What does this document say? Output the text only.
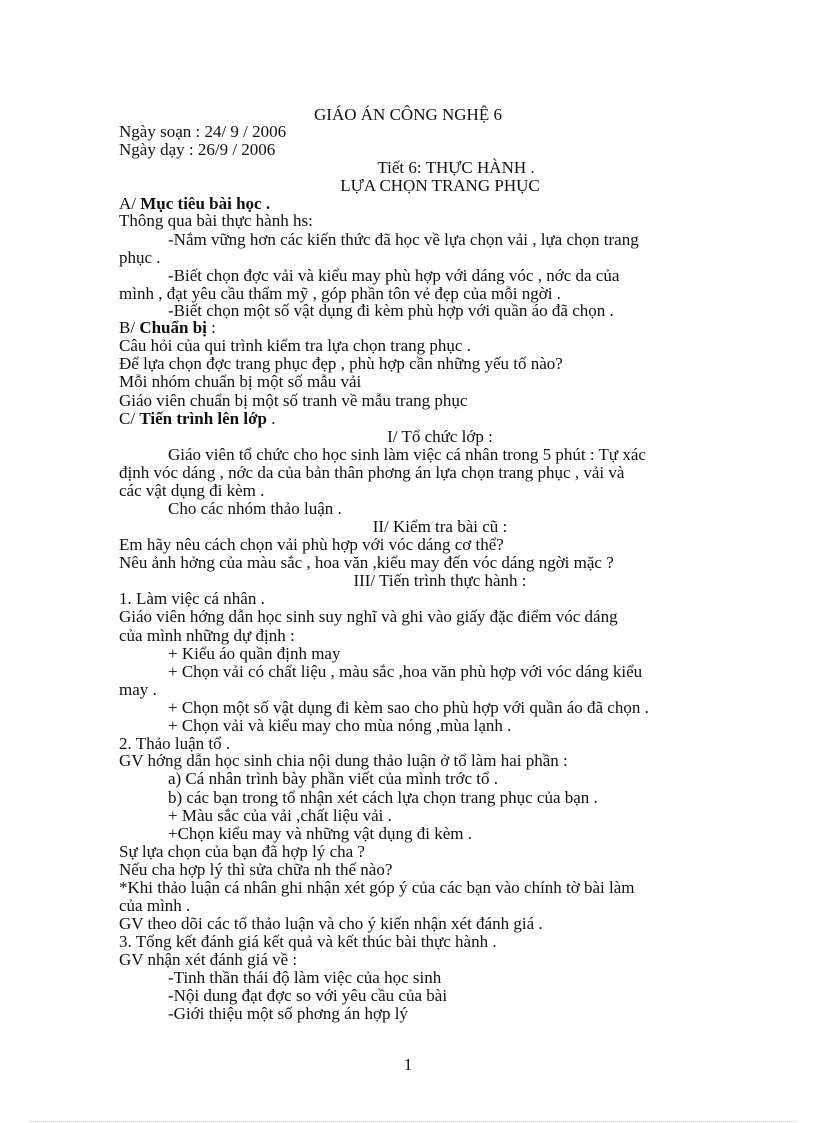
GIÁO ÁN CÔNG NGHỆ 6
Ngày soạn : 24/ 9 / 2006
Ngày dạy : 26/9 / 2006
Tiết 6: THỰC HÀNH .
LỰA CHỌN TRANG PHỤC
A/ Mục tiêu bài học .
Thông qua bài thực hành hs:
-Nắm vững hơn các kiến thức đã học về lựa chọn vải , lựa chọn trang
phục .
-Biết chọn đợc vải và kiểu may phù hợp với dáng vóc , nớc da của
mình , đạt yêu cầu thẩm mỹ , góp phần tôn vẻ đẹp của mỗi ngời .
-Biết chọn một số vật dụng đi kèm phù hợp với quần áo đã chọn .
B/ Chuẩn bị :
Câu hỏi của qui trình kiểm tra lựa chọn trang phục .
Để lựa chọn đợc trang phục đẹp , phù hợp cần những yếu tố nào?
Mỗi nhóm chuẩn bị một số mẫu vải
Giáo viên chuẩn bị một số tranh về mẫu trang phục
C/ Tiến trình lên lớp .
I/ Tổ chức lớp :
Giáo viên tổ chức cho học sinh làm việc cá nhân trong 5 phút : Tự xác
định vóc dáng , nớc da của bản thân phơng án lựa chọn trang phục , vải và
các vật dụng đi kèm .
Cho các nhóm thảo luận .
II/ Kiểm tra bài cũ :
Em hãy nêu cách chọn vải phù hợp với vóc dáng cơ thể?
Nêu ảnh hởng của màu sắc , hoa văn ,kiểu may đến vóc dáng ngời mặc ?
III/ Tiến trình thực hành :
1. Làm việc cá nhân .
Giáo viên hớng dẫn học sinh suy nghĩ và ghi vào giấy đặc điểm vóc dáng
của mình những dự định :
+ Kiểu áo quần định may
+ Chọn vải có chất liệu , màu sắc ,hoa văn phù hợp với vóc dáng kiểu
may .
+ Chọn một số vật dụng đi kèm sao cho phù hợp với quần áo đã chọn .
+ Chọn vải và kiểu may cho mùa nóng ,mùa lạnh .
2. Thảo luận tổ .
GV hớng dẫn học sinh chia nội dung thảo luận ở tổ làm hai phần :
a) Cá nhân trình bày phần viết của mình trớc tổ .
b) các bạn trong tổ nhận xét cách lựa chọn trang phục của bạn .
+ Màu sắc của vải ,chất liệu vải .
+Chọn kiểu may và những vật dụng đi kèm .
Sự lựa chọn của bạn đã hợp lý cha ?
Nếu cha hợp lý thì sửa chữa nh thế nào?
*Khi thảo luận cá nhân ghi nhận xét góp ý của các bạn vào chính tờ bài làm
của mình .
GV theo dõi các tổ thảo luận và cho ý kiến nhận xét đánh giá .
3. Tổng kết đánh giá kết quả và kết thúc bài thực hành .
GV nhận xét đánh giá về :
-Tinh thần thái độ làm việc của học sinh
-Nội dung đạt đợc so với yêu cầu của bài
-Giới thiệu một số phơng án hợp lý
1
